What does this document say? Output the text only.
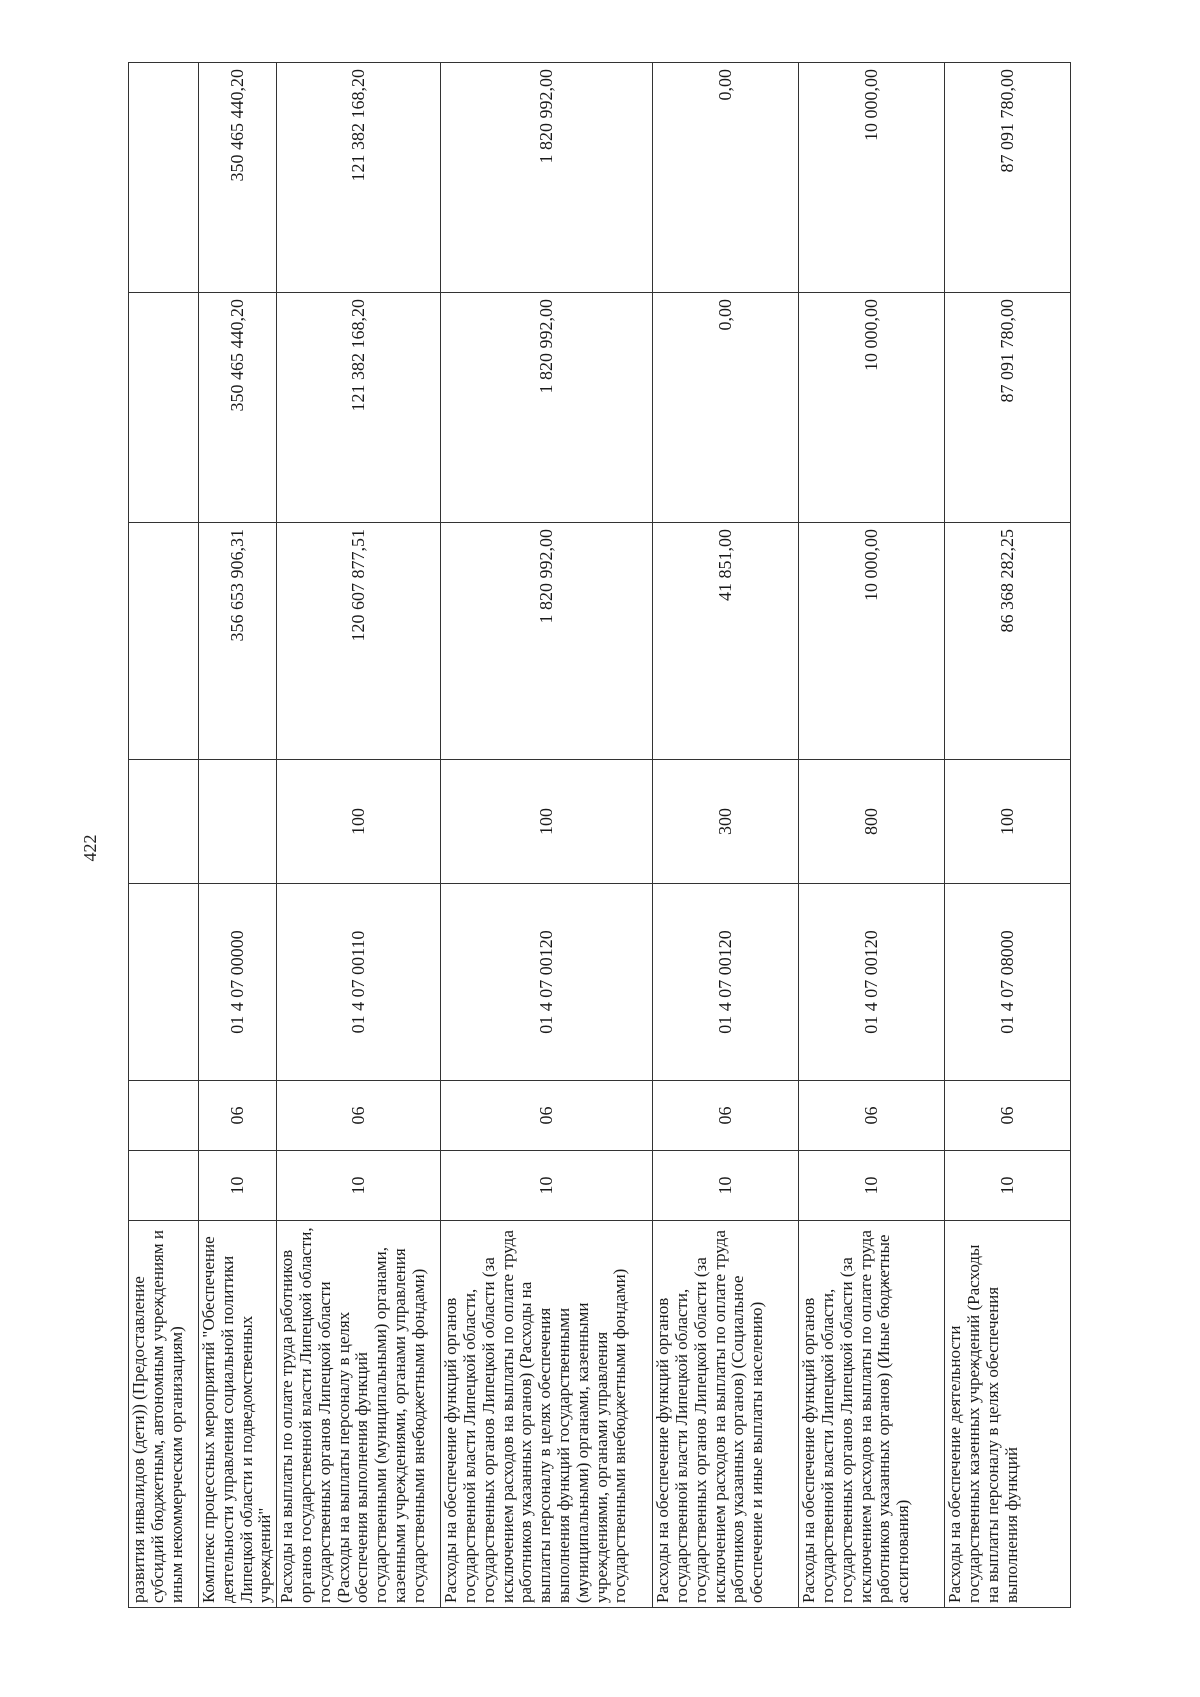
422
развития инвалидов (дети)) (Предоставление субсидий бюджетным, автономным учреждениям и иным некоммерческим организациям)							
Комплекс процессных мероприятий "Обеспечение деятельности управления социальной политики Липецкой области и подведомственных учреждений"	10	06	01 4 07 00000		356 653 906,31	350 465 440,20	350 465 440,20
Расходы на выплаты по оплате труда работников органов государственной власти Липецкой области, государственных органов Липецкой области (Расходы на выплаты персоналу в целях обеспечения выполнения функций государственными (муниципальными) органами, казенными учреждениями, органами управления государственными внебюджетными фондами)	10	06	01 4 07 00110	100	120 607 877,51	121 382 168,20	121 382 168,20
Расходы на обеспечение функций органов государственной власти Липецкой области, государственных органов Липецкой области (за исключением расходов на выплаты по оплате труда работников указанных органов) (Расходы на выплаты персоналу в целях обеспечения выполнения функций государственными (муниципальными) органами, казенными учреждениями, органами управления государственными внебюджетными фондами)	10	06	01 4 07 00120	100	1 820 992,00	1 820 992,00	1 820 992,00
Расходы на обеспечение функций органов государственной власти Липецкой области, государственных органов Липецкой области (за исключением расходов на выплаты по оплате труда работников указанных органов) (Социальное обеспечение и иные выплаты населению)	10	06	01 4 07 00120	300	41 851,00	0,00	0,00
Расходы на обеспечение функций органов государственной власти Липецкой области, государственных органов Липецкой области (за исключением расходов на выплаты по оплате труда работников указанных органов) (Иные бюджетные ассигнования)	10	06	01 4 07 00120	800	10 000,00	10 000,00	10 000,00
Расходы на обеспечение деятельности государственных казенных учреждений (Расходы на выплаты персоналу в целях обеспечения выполнения функций	10	06	01 4 07 08000	100	86 368 282,25	87 091 780,00	87 091 780,00
